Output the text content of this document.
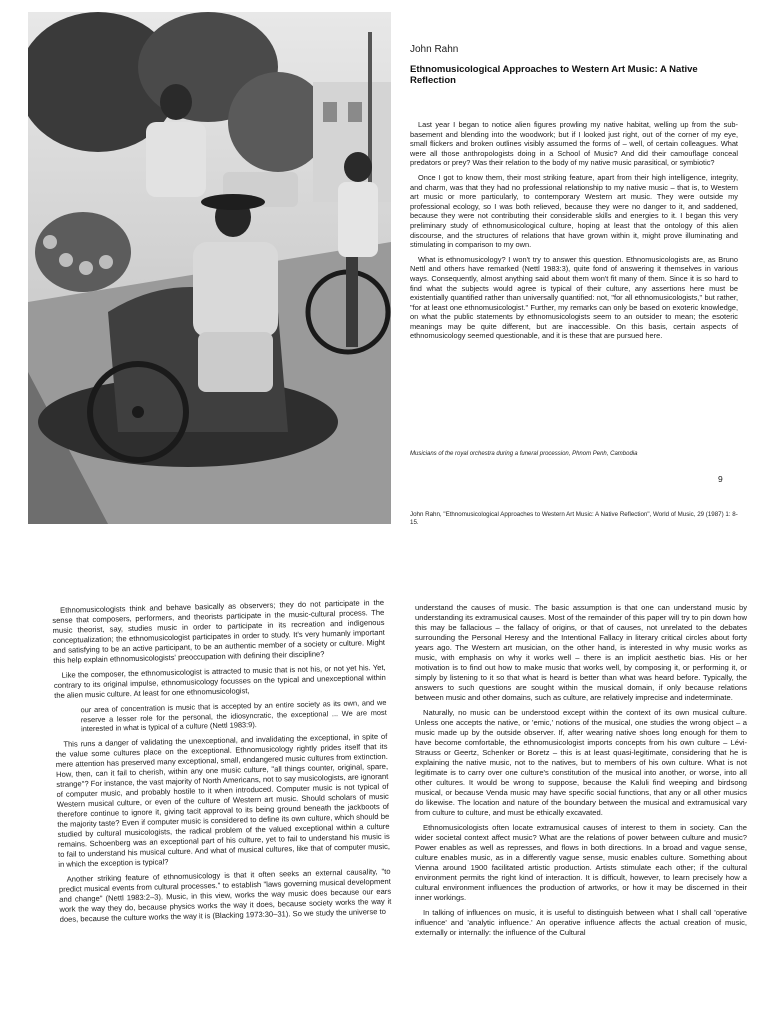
John Rahn
Ethnomusicological Approaches to Western Art Music: A Native Reflection

Last year I began to notice alien figures prowling my native habitat, welling up from the sub-basement and blending into the woodwork; but if I looked just right, out of the corner of my eye, small flickers and broken outlines visibly assumed the forms of – well, of certain colleagues. What were all those anthropologists doing in a School of Music? And did their camouflage conceal predators or prey? Was their relation to the body of my native music parasitical, or symbiotic?

Once I got to know them, their most striking feature, apart from their high intelligence, integrity, and charm, was that they had no professional relationship to my native music – that is, to Western art music or more particularly, to contemporary Western art music. They were outside my professional ecology, so I was both relieved, because they were no danger to it, and saddened, because they were not contributing their considerable skills and energies to it. I began this very preliminary study of ethnomusicological culture, hoping at least that the ontology of this alien discourse, and the structures of relations that have grown within it, might prove illuminating and stimulating in comparison to my own.

What is ethnomusicology? I won't try to answer this question. Ethnomusicologists are, as Bruno Nettl and others have remarked (Nettl 1983:3), quite fond of answering it themselves in various ways. Consequently, almost anything said about them won't fit many of them. Since it is so hard to find what the subjects would agree is typical of their culture, any assertions here must be existentially quantified rather than universally quantified: not, "for all ethnomusicologists," but rather, "for at least one ethnomusicologist." Further, my remarks can only be based on exoteric knowledge, on what the public statements by ethnomusicologists seem to an outsider to mean; the esoteric meanings may be quite different, but are inaccessible. On this basis, certain aspects of ethnomusicology seemed questionable, and it is these that are pursued here.

Musicians of the royal orchestra during a funeral procession, Phnom Penh, Cambodia
9
John Rahn, "Ethnomusicological Approaches to Western Art Music: A Native Reflection", World of Music, 29 (1987) 1: 8-15.

Ethnomusicologists think and behave basically as observers; they do not participate in the sense that composers, performers, and theorists participate in the music-cultural process. The music theorist, say, studies music in order to participate in its recreation and indigenous conceptualization; the ethnomusicologist participates in order to study. It's very humanly important and satisfying to be an active participant, to be an authentic member of a society or culture. Might this help explain ethnomusicologists' preoccupation with defining their discipline?

Like the composer, the ethnomusicologist is attracted to music that is not his, or not yet his. Yet, contrary to its original impulse, ethnomusicology focusses on the typical and unexceptional within the alien music culture. At least for one ethnomusicologist,

our area of concentration is music that is accepted by an entire society as its own, and we reserve a lesser role for the personal, the idiosyncratic, the exceptional ... We are most interested in what is typical of a culture (Nettl 1983:9).

This runs a danger of validating the unexceptional, and invalidating the exceptional, in spite of the value some cultures place on the exceptional. Ethnomusicology rightly prides itself that its mere attention has preserved many exceptional, small, endangered music cultures from extinction. How, then, can it fail to cherish, within any one music culture, "all things counter, original, spare, strange"? For instance, the vast majority of North Americans, not to say musicologists, are ignorant of computer music, and probably hostile to it when introduced. Computer music is not typical of Western musical culture, or even of the culture of Western art music. Should scholars of music therefore continue to ignore it, giving tacit approval to its being ground beneath the jackboots of the majority taste? Even if computer music is considered to define its own culture, which should be studied by cultural musicologists, the radical problem of the valued exceptional within a culture remains. Schoenberg was an exceptional part of his culture, yet to fail to understand his music is to fail to understand his musical culture. And what of musical cultures, like that of computer music, in which the exception is typical?

Another striking feature of ethnomusicology is that it often seeks an external causality, "to predict musical events from cultural processes." to establish "laws governing musical development and change" (Nettl 1983:2–3). Music, in this view, works the way music does because our ears work the way they do, because physics works the way it does, because society works the way it does, because the culture works the way it is (Blacking 1973:30–31). So we study the universe to

understand the causes of music. The basic assumption is that one can understand music by understanding its extramusical causes. Most of the remainder of this paper will try to pin down how this may be fallacious – the fallacy of origins, or that of causes, not unrelated to the debates surrounding the Personal Heresy and the Intentional Fallacy in literary critical circles about forty years ago. The Western art musician, on the other hand, is interested in why music works as music, with emphasis on why it works well – there is an implicit aesthetic bias. His or her motivation is to find out how to make music that works well, by composing it, or performing it, or simply by listening to it so that what is heard is better than what was heard before. Typically, the answers to such questions are sought within the musical domain, if only because relations between music and other domains, such as culture, are relatively imprecise and indeterminate.

Naturally, no music can be understood except within the context of its own musical culture. Unless one accepts the native, or 'emic,' notions of the musical, one studies the wrong object – a music made up by the outside observer. If, after wearing native shoes long enough for them to have become comfortable, the ethnomusicologist imports concepts from his own culture – Lévi-Strauss or Geertz, Schenker or Boretz – this is at least quasi-legitimate, considering that he is explaining the native music, not to the natives, but to members of his own culture. What is not legitimate is to carry over one culture's constitution of the musical into another, or worse, into all other cultures. It would be wrong to suppose, because the Kaluli find weeping and birdsong musical, or because Venda music may have specific social functions, that any or all other musics do likewise. The location and nature of the boundary between the musical and extramusical vary from culture to culture, and must be ethically excavated.

Ethnomusicologists often locate extramusical causes of interest to them in society. Can the wider societal context affect music? What are the relations of power between culture and music? Power enables as well as represses, and flows in both directions. In a broad and vague sense, culture enables music, as in a differently vague sense, music enables culture. Something about Vienna around 1900 facilitated artistic production. Artists stimulate each other; if the cultural environment permits the right kind of interaction. It is difficult, however, to learn precisely how a cultural environment influences the production of artworks, or how it may be discerned in their inner workings.

In talking of influences on music, it is useful to distinguish between what I shall call 'operative influence' and 'analytic influence.' An operative influence affects the actual creation of music, externally or internally: the influence of the Cultural
